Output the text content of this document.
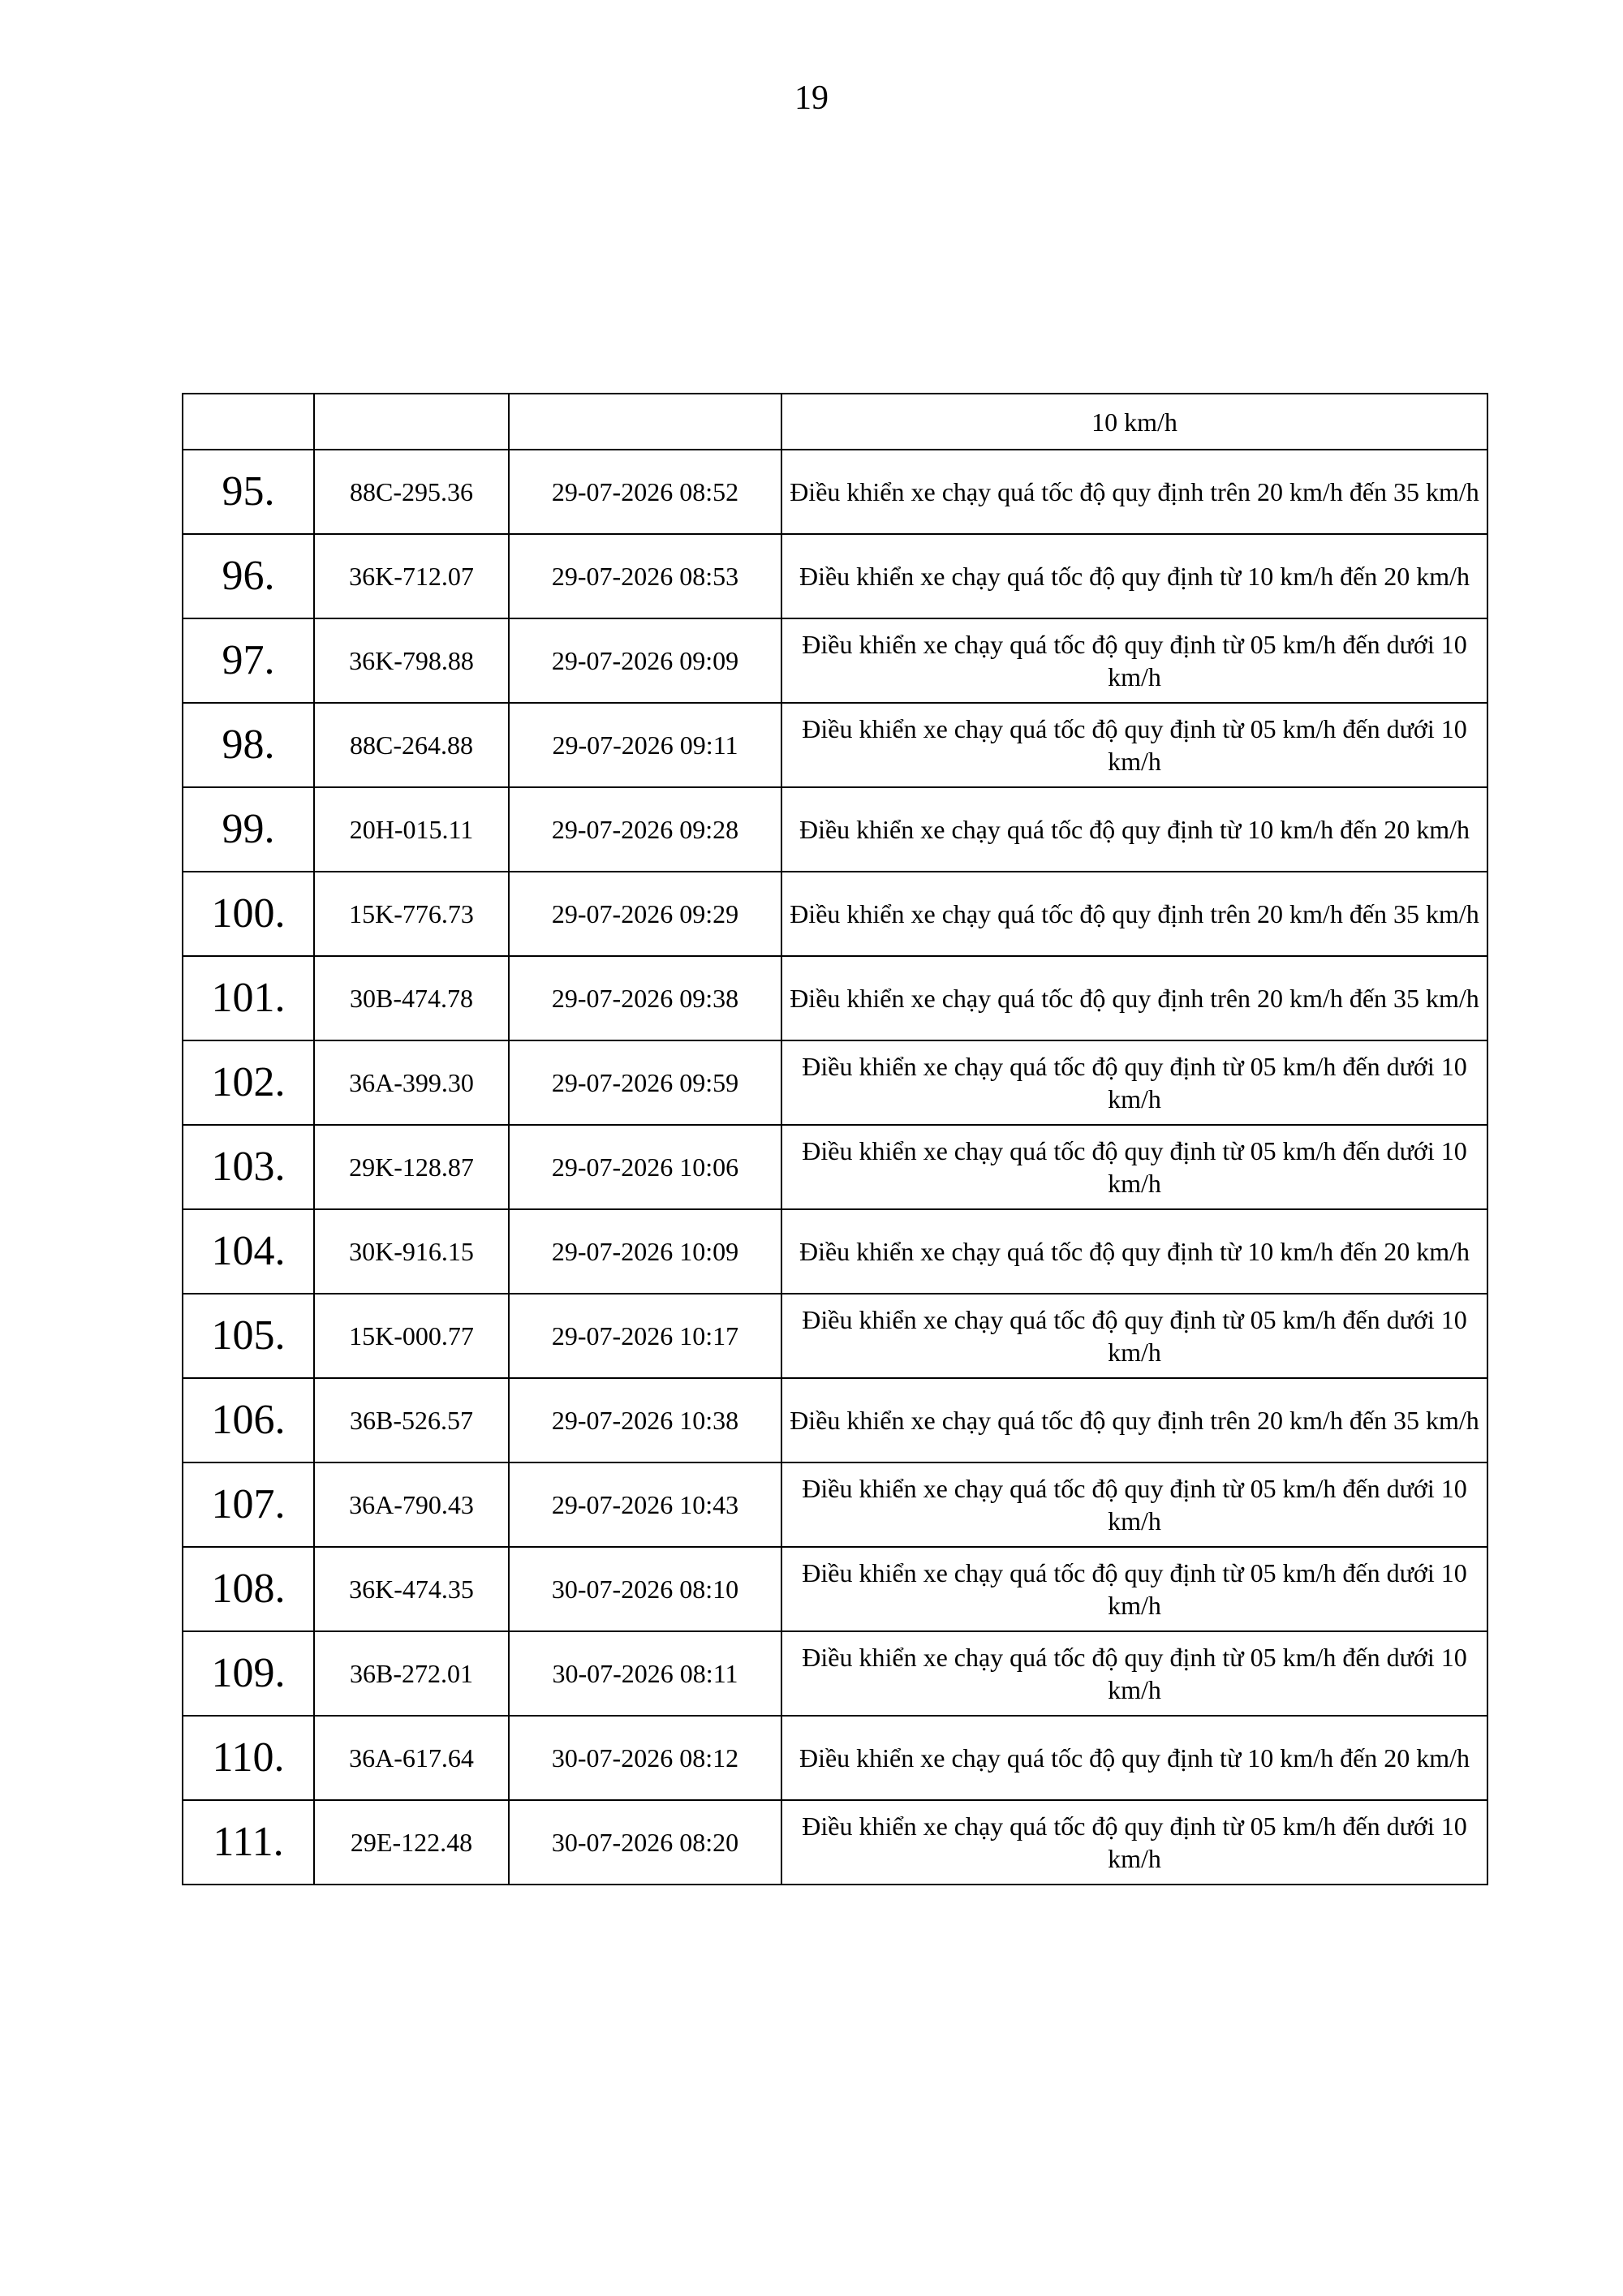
19
			10 km/h
95.	88C-295.36	29-07-2026 08:52	Điều khiển xe chạy quá tốc độ quy định trên 20 km/h đến 35 km/h
96.	36K-712.07	29-07-2026 08:53	Điều khiển xe chạy quá tốc độ quy định từ 10 km/h đến 20 km/h
97.	36K-798.88	29-07-2026 09:09	Điều khiển xe chạy quá tốc độ quy định từ 05 km/h đến dưới 10 km/h
98.	88C-264.88	29-07-2026 09:11	Điều khiển xe chạy quá tốc độ quy định từ 05 km/h đến dưới 10 km/h
99.	20H-015.11	29-07-2026 09:28	Điều khiển xe chạy quá tốc độ quy định từ 10 km/h đến 20 km/h
100.	15K-776.73	29-07-2026 09:29	Điều khiển xe chạy quá tốc độ quy định trên 20 km/h đến 35 km/h
101.	30B-474.78	29-07-2026 09:38	Điều khiển xe chạy quá tốc độ quy định trên 20 km/h đến 35 km/h
102.	36A-399.30	29-07-2026 09:59	Điều khiển xe chạy quá tốc độ quy định từ 05 km/h đến dưới 10 km/h
103.	29K-128.87	29-07-2026 10:06	Điều khiển xe chạy quá tốc độ quy định từ 05 km/h đến dưới 10 km/h
104.	30K-916.15	29-07-2026 10:09	Điều khiển xe chạy quá tốc độ quy định từ 10 km/h đến 20 km/h
105.	15K-000.77	29-07-2026 10:17	Điều khiển xe chạy quá tốc độ quy định từ 05 km/h đến dưới 10 km/h
106.	36B-526.57	29-07-2026 10:38	Điều khiển xe chạy quá tốc độ quy định trên 20 km/h đến 35 km/h
107.	36A-790.43	29-07-2026 10:43	Điều khiển xe chạy quá tốc độ quy định từ 05 km/h đến dưới 10 km/h
108.	36K-474.35	30-07-2026 08:10	Điều khiển xe chạy quá tốc độ quy định từ 05 km/h đến dưới 10 km/h
109.	36B-272.01	30-07-2026 08:11	Điều khiển xe chạy quá tốc độ quy định từ 05 km/h đến dưới 10 km/h
110.	36A-617.64	30-07-2026 08:12	Điều khiển xe chạy quá tốc độ quy định từ 10 km/h đến 20 km/h
111.	29E-122.48	30-07-2026 08:20	Điều khiển xe chạy quá tốc độ quy định từ 05 km/h đến dưới 10 km/h
